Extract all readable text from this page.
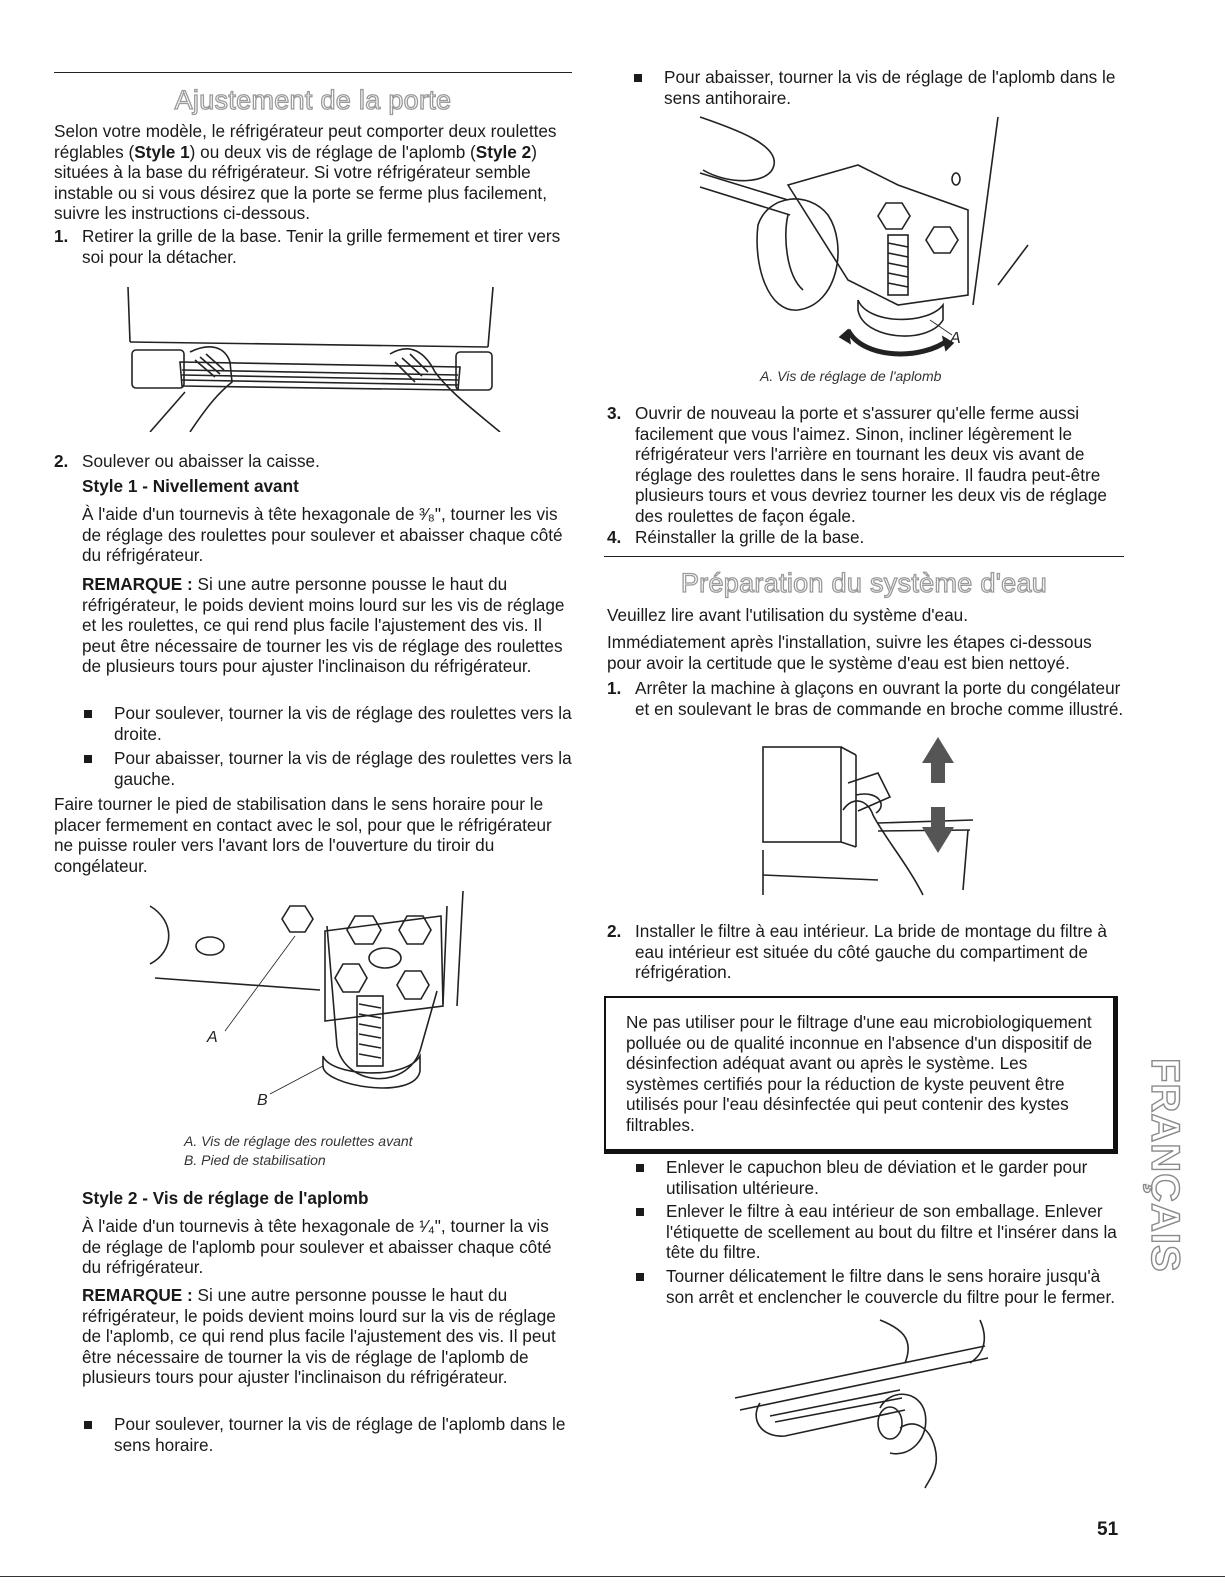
Ajustement de la porte

Selon votre modèle, le réfrigérateur peut comporter deux roulettes réglables (Style 1) ou deux vis de réglage de l'aplomb (Style 2) situées à la base du réfrigérateur. Si votre réfrigérateur semble instable ou si vous désirez que la porte se ferme plus facilement, suivre les instructions ci-dessous.

1. Retirer la grille de la base. Tenir la grille fermement et tirer vers soi pour la détacher.

2. Soulever ou abaisser la caisse.

Style 1 - Nivellement avant

À l'aide d'un tournevis à tête hexagonale de ³⁄₈", tourner les vis de réglage des roulettes pour soulever et abaisser chaque côté du réfrigérateur.

REMARQUE : Si une autre personne pousse le haut du réfrigérateur, le poids devient moins lourd sur les vis de réglage et les roulettes, ce qui rend plus facile l'ajustement des vis. Il peut être nécessaire de tourner les vis de réglage des roulettes de plusieurs tours pour ajuster l'inclinaison du réfrigérateur.

Pour soulever, tourner la vis de réglage des roulettes vers la droite.

Pour abaisser, tourner la vis de réglage des roulettes vers la gauche.

Faire tourner le pied de stabilisation dans le sens horaire pour le placer fermement en contact avec le sol, pour que le réfrigérateur ne puisse rouler vers l'avant lors de l'ouverture du tiroir du congélateur.

A
B
A. Vis de réglage des roulettes avant
B. Pied de stabilisation
Style 2 - Vis de réglage de l'aplomb

À l'aide d'un tournevis à tête hexagonale de ¹⁄₄", tourner la vis de réglage de l'aplomb pour soulever et abaisser chaque côté du réfrigérateur.

REMARQUE : Si une autre personne pousse le haut du réfrigérateur, le poids devient moins lourd sur la vis de réglage de l'aplomb, ce qui rend plus facile l'ajustement des vis. Il peut être nécessaire de tourner la vis de réglage de l'aplomb de plusieurs tours pour ajuster l'inclinaison du réfrigérateur.

Pour soulever, tourner la vis de réglage de l'aplomb dans le sens horaire.

Pour abaisser, tourner la vis de réglage de l'aplomb dans le sens antihoraire.

A
A. Vis de réglage de l'aplomb
3. Ouvrir de nouveau la porte et s'assurer qu'elle ferme aussi facilement que vous l'aimez. Sinon, incliner légèrement le réfrigérateur vers l'arrière en tournant les deux vis avant de réglage des roulettes dans le sens horaire. Il faudra peut-être plusieurs tours et vous devriez tourner les deux vis de réglage des roulettes de façon égale.

4. Réinstaller la grille de la base.

Préparation du système d'eau

Veuillez lire avant l'utilisation du système d'eau.

Immédiatement après l'installation, suivre les étapes ci-dessous pour avoir la certitude que le système d'eau est bien nettoyé.

1. Arrêter la machine à glaçons en ouvrant la porte du congélateur et en soulevant le bras de commande en broche comme illustré.

2. Installer le filtre à eau intérieur. La bride de montage du filtre à eau intérieur est située du côté gauche du compartiment de réfrigération.

Ne pas utiliser pour le filtrage d'une eau microbiologiquement polluée ou de qualité inconnue en l'absence d'un dispositif de désinfection adéquat avant ou après le système. Les systèmes certifiés pour la réduction de kyste peuvent être utilisés pour l'eau désinfectée qui peut contenir des kystes filtrables.

Enlever le capuchon bleu de déviation et le garder pour utilisation ultérieure.

Enlever le filtre à eau intérieur de son emballage. Enlever l'étiquette de scellement au bout du filtre et l'insérer dans la tête du filtre.

Tourner délicatement le filtre dans le sens horaire jusqu'à son arrêt et enclencher le couvercle du filtre pour le fermer.

FRANÇAIS
51
